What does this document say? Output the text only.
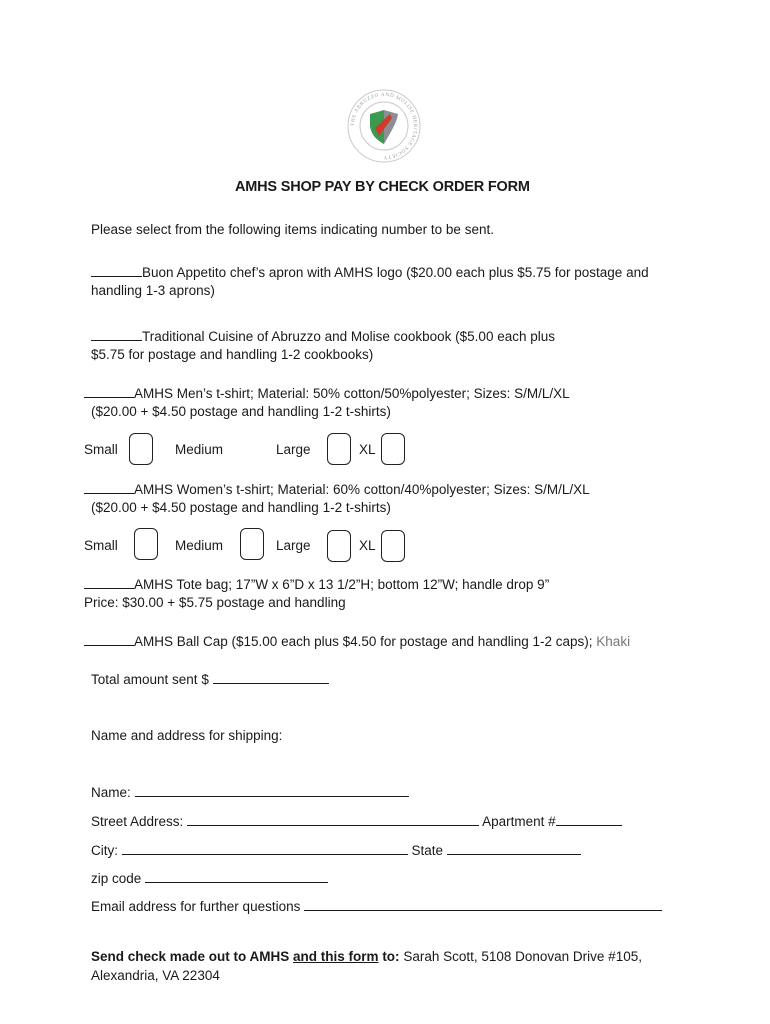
THE ABRUZZO AND MOLISE HERITAGE SOCIETY
AMHS SHOP PAY BY CHECK ORDER FORM
Please select from the following items indicating number to be sent.
Buon Appetito chef’s apron with AMHS logo ($20.00 each plus $5.75 for postage and
handling 1-3 aprons)
Traditional Cuisine of Abruzzo and Molise cookbook ($5.00 each plus
$5.75 for postage and handling 1-2 cookbooks)
AMHS Men’s t-shirt; Material: 50% cotton/50%polyester; Sizes: S/M/L/XL
($20.00 + $4.50 postage and handling 1-2 t-shirts)
Small	Medium	Large	XL
AMHS Women’s t-shirt; Material: 60% cotton/40%polyester; Sizes: S/M/L/XL
($20.00 + $4.50 postage and handling 1-2 t-shirts)
Small	Medium	Large	XL
AMHS Tote bag; 17”W x 6”D x 13 1/2”H; bottom 12”W; handle drop 9”
Price: $30.00 + $5.75 postage and handling
AMHS Ball Cap ($15.00 each plus $4.50 for postage and handling 1-2 caps); Khaki
Total amount sent $
Name and address for shipping:
Name:
Street Address:	Apartment #
City:	State
zip code
Email address for further questions
Send check made out to AMHS and this form to: Sarah Scott, 5108 Donovan Drive #105,
Alexandria, VA 22304
